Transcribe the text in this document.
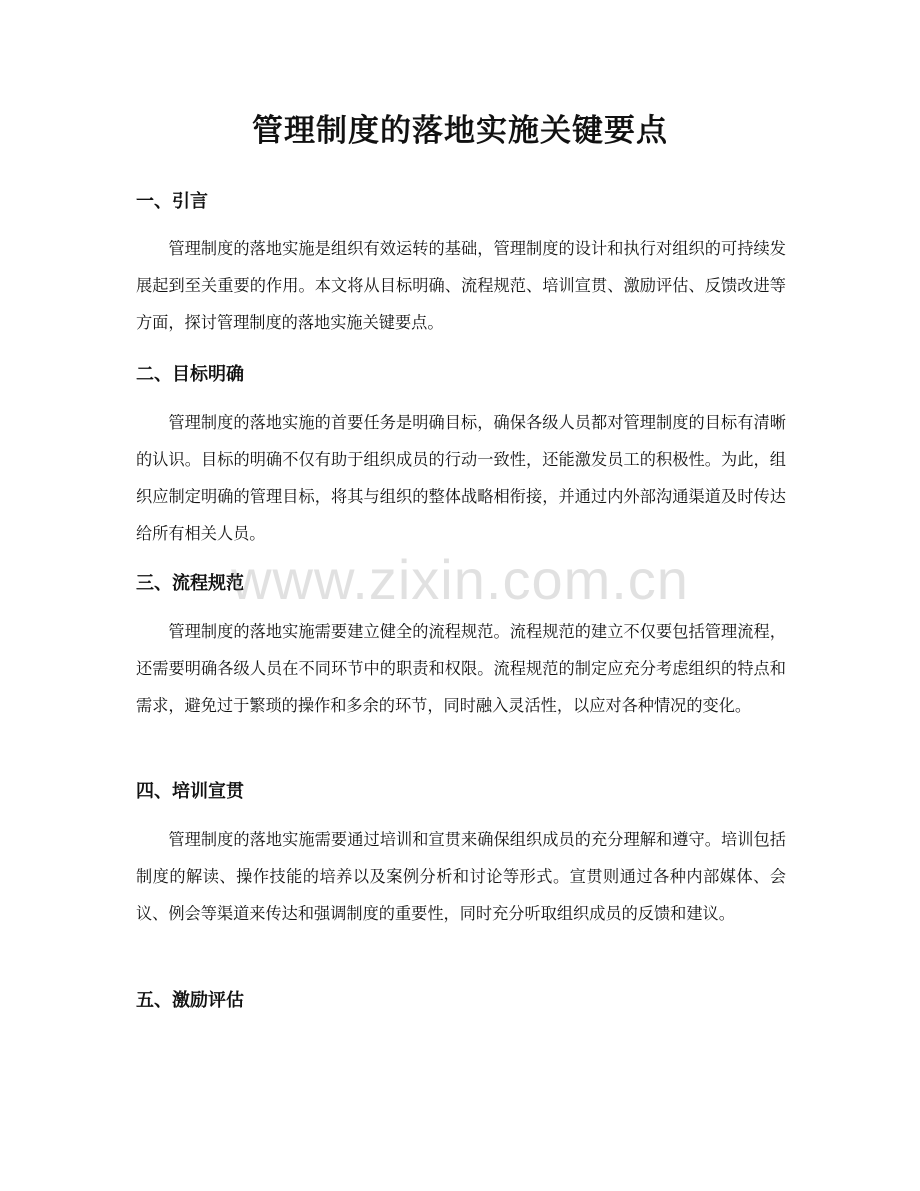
管理制度的落地实施关键要点
一、引言

管理制度的落地实施是组织有效运转的基础，管理制度的设计和执行对组织的可持续发展起到至关重要的作用。本文将从目标明确、流程规范、培训宣贯、激励评估、反馈改进等方面，探讨管理制度的落地实施关键要点。

二、目标明确

管理制度的落地实施的首要任务是明确目标，确保各级人员都对管理制度的目标有清晰的认识。目标的明确不仅有助于组织成员的行动一致性，还能激发员工的积极性。为此，组织应制定明确的管理目标，将其与组织的整体战略相衔接，并通过内外部沟通渠道及时传达给所有相关人员。

三、流程规范

管理制度的落地实施需要建立健全的流程规范。流程规范的建立不仅要包括管理流程，还需要明确各级人员在不同环节中的职责和权限。流程规范的制定应充分考虑组织的特点和需求，避免过于繁琐的操作和多余的环节，同时融入灵活性，以应对各种情况的变化。

四、培训宣贯

管理制度的落地实施需要通过培训和宣贯来确保组织成员的充分理解和遵守。培训包括制度的解读、操作技能的培养以及案例分析和讨论等形式。宣贯则通过各种内部媒体、会议、例会等渠道来传达和强调制度的重要性，同时充分听取组织成员的反馈和建议。

五、激励评估
www.zixin.com.cn
